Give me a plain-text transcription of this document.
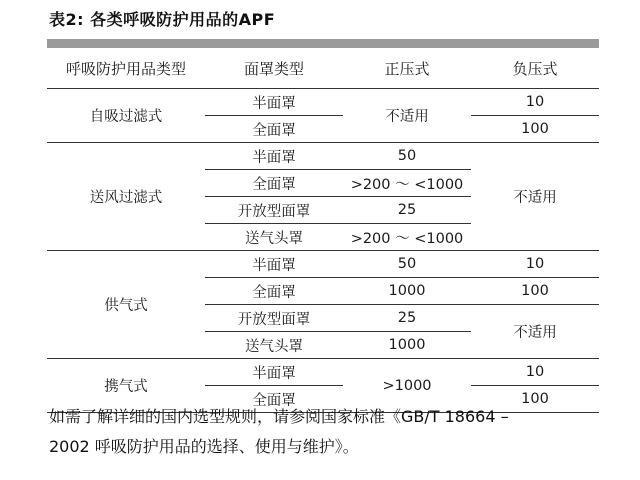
表2: 各类呼吸防护用品的APF
呼吸防护用品类型	面罩类型	正压式	负压式
自吸过滤式	半面罩	不适用	10
	全面罩		100
送风过滤式	半面罩	50	不适用
	全面罩	>200 ～ <1000	
	开放型面罩	25	
	送气头罩	>200 ～ <1000	
供气式	半面罩	50	10
	全面罩	1000	100
	开放型面罩	25	不适用
	送气头罩	1000	
携气式	半面罩	>1000	10
	全面罩		100
如需了解详细的国内选型规则，请参阅国家标准《GB/T 18664 –
2002 呼吸防护用品的选择、使用与维护》。
